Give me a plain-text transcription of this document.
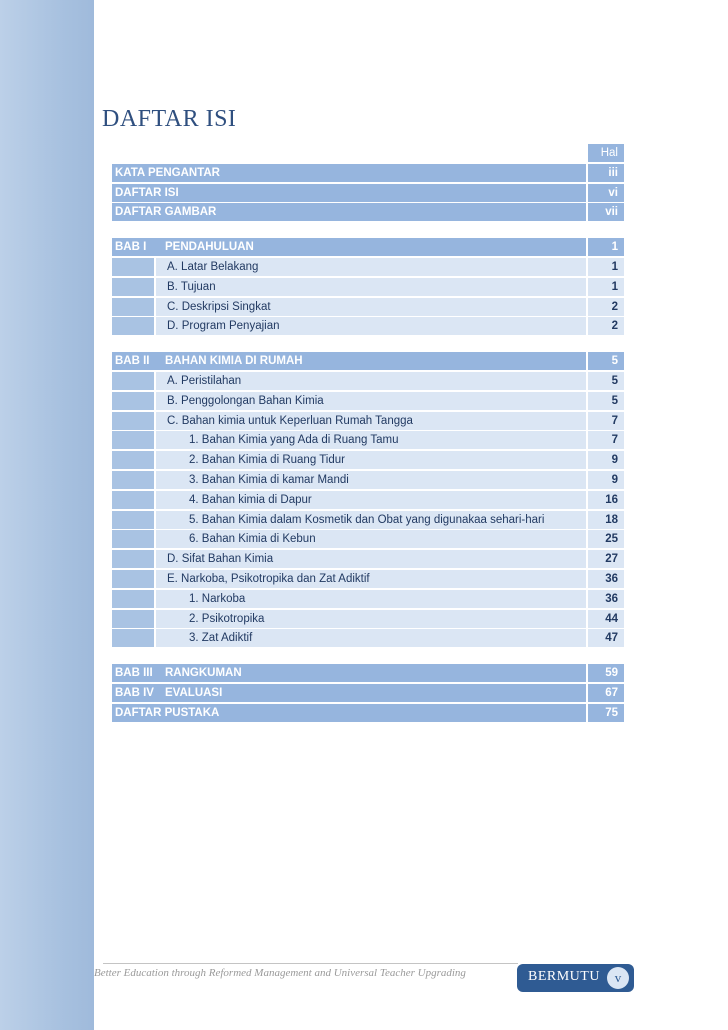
DAFTAR ISI
Hal
KATA PENGANTAR	iii
DAFTAR ISI	vi
DAFTAR GAMBAR	vii
BAB I PENDAHULUAN	1
A. Latar Belakang	1
B. Tujuan	1
C. Deskripsi Singkat	2
D. Program Penyajian	2
BAB II BAHAN KIMIA DI RUMAH	5
A. Peristilahan	5
B. Penggolongan Bahan Kimia	5
C. Bahan kimia untuk Keperluan Rumah Tangga	7
1. Bahan Kimia yang Ada di Ruang Tamu	7
2. Bahan Kimia di Ruang Tidur	9
3. Bahan Kimia di kamar Mandi	9
4. Bahan kimia di Dapur	16
5. Bahan Kimia dalam Kosmetik dan Obat yang digunakaa sehari-hari	18
6. Bahan Kimia di Kebun	25
D. Sifat Bahan Kimia	27
E. Narkoba, Psikotropika dan Zat Adiktif	36
1. Narkoba	36
2. Psikotropika	44
3. Zat Adiktif	47
BAB III RANGKUMAN	59
BAB IV EVALUASI	67
DAFTAR PUSTAKA	75
Better Education through Reformed Management and Universal Teacher Upgrading	BERMUTU	v
